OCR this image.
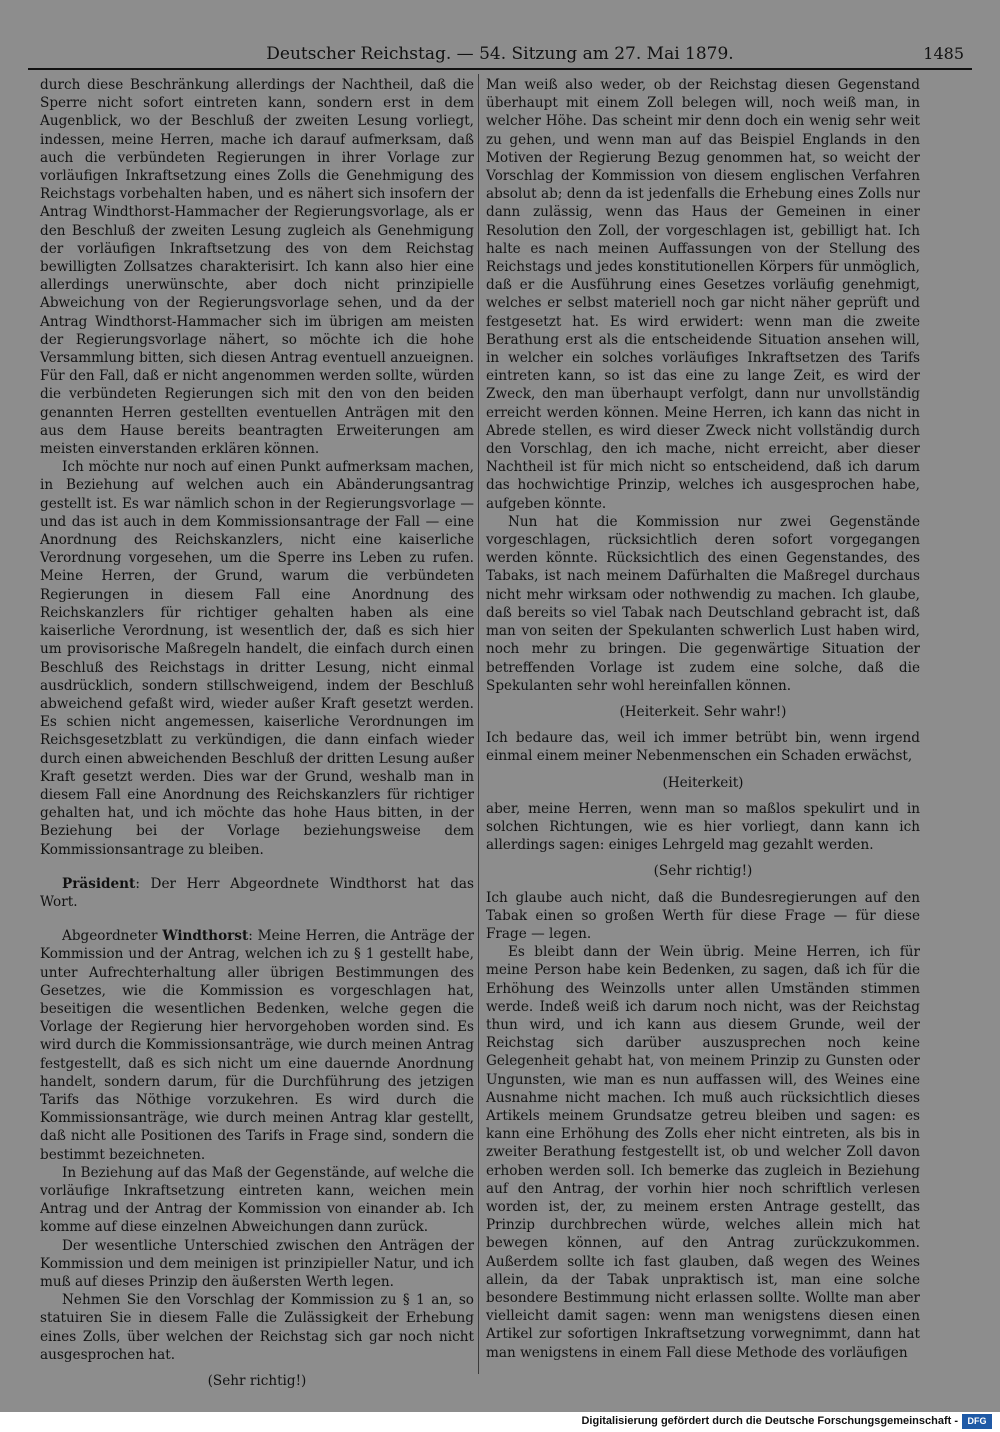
Deutscher Reichstag. — 54. Sitzung am 27. Mai 1879.	1485

durch diese Beschränkung allerdings der Nachtheil, daß die Sperre nicht sofort eintreten kann, sondern erst in dem Augenblick, wo der Beschluß der zweiten Lesung vorliegt, indessen, meine Herren, mache ich darauf aufmerksam, daß auch die verbündeten Regierungen in ihrer Vorlage zur vorläufigen Inkraftsetzung eines Zolls die Genehmigung des Reichstags vorbehalten haben, und es nähert sich insofern der Antrag Windthorst-Hammacher der Regierungsvorlage, als er den Beschluß der zweiten Lesung zugleich als Genehmigung der vorläufigen Inkraftsetzung des von dem Reichstag bewilligten Zollsatzes charakterisirt. Ich kann also hier eine allerdings unerwünschte, aber doch nicht prinzipielle Abweichung von der Regierungsvorlage sehen, und da der Antrag Windthorst-Hammacher sich im übrigen am meisten der Regierungsvorlage nähert, so möchte ich die hohe Versammlung bitten, sich diesen Antrag eventuell anzueignen. Für den Fall, daß er nicht angenommen werden sollte, würden die verbündeten Regierungen sich mit den von den beiden genannten Herren gestellten eventuellen Anträgen mit den aus dem Hause bereits beantragten Erweiterungen am meisten einverstanden erklären können.

Ich möchte nur noch auf einen Punkt aufmerksam machen, in Beziehung auf welchen auch ein Abänderungsantrag gestellt ist. Es war nämlich schon in der Regierungsvorlage — und das ist auch in dem Kommissionsantrage der Fall — eine Anordnung des Reichskanzlers, nicht eine kaiserliche Verordnung vorgesehen, um die Sperre ins Leben zu rufen. Meine Herren, der Grund, warum die verbündeten Regierungen in diesem Fall eine Anordnung des Reichskanzlers für richtiger gehalten haben als eine kaiserliche Verordnung, ist wesentlich der, daß es sich hier um provisorische Maßregeln handelt, die einfach durch einen Beschluß des Reichstags in dritter Lesung, nicht einmal ausdrücklich, sondern stillschweigend, indem der Beschluß abweichend gefaßt wird, wieder außer Kraft gesetzt werden. Es schien nicht angemessen, kaiserliche Verordnungen im Reichsgesetzblatt zu verkündigen, die dann einfach wieder durch einen abweichenden Beschluß der dritten Lesung außer Kraft gesetzt werden. Dies war der Grund, weshalb man in diesem Fall eine Anordnung des Reichskanzlers für richtiger gehalten hat, und ich möchte das hohe Haus bitten, in der Beziehung bei der Vorlage beziehungsweise dem Kommissionsantrage zu bleiben.

Präsident: Der Herr Abgeordnete Windthorst hat das Wort.

Abgeordneter Windthorst: Meine Herren, die Anträge der Kommission und der Antrag, welchen ich zu § 1 gestellt habe, unter Aufrechterhaltung aller übrigen Bestimmungen des Gesetzes, wie die Kommission es vorgeschlagen hat, beseitigen die wesentlichen Bedenken, welche gegen die Vorlage der Regierung hier hervorgehoben worden sind. Es wird durch die Kommissionsanträge, wie durch meinen Antrag festgestellt, daß es sich nicht um eine dauernde Anordnung handelt, sondern darum, für die Durchführung des jetzigen Tarifs das Nöthige vorzukehren. Es wird durch die Kommissionsanträge, wie durch meinen Antrag klar gestellt, daß nicht alle Positionen des Tarifs in Frage sind, sondern die bestimmt bezeichneten.

In Beziehung auf das Maß der Gegenstände, auf welche die vorläufige Inkraftsetzung eintreten kann, weichen mein Antrag und der Antrag der Kommission von einander ab. Ich komme auf diese einzelnen Abweichungen dann zurück.

Der wesentliche Unterschied zwischen den Anträgen der Kommission und dem meinigen ist prinzipieller Natur, und ich muß auf dieses Prinzip den äußersten Werth legen.

Nehmen Sie den Vorschlag der Kommission zu § 1 an, so statuiren Sie in diesem Falle die Zulässigkeit der Erhebung eines Zolls, über welchen der Reichstag sich gar noch nicht ausgesprochen hat.

(Sehr richtig!)

Man weiß also weder, ob der Reichstag diesen Gegenstand überhaupt mit einem Zoll belegen will, noch weiß man, in welcher Höhe. Das scheint mir denn doch ein wenig sehr weit zu gehen, und wenn man auf das Beispiel Englands in den Motiven der Regierung Bezug genommen hat, so weicht der Vorschlag der Kommission von diesem englischen Verfahren absolut ab; denn da ist jedenfalls die Erhebung eines Zolls nur dann zulässig, wenn das Haus der Gemeinen in einer Resolution den Zoll, der vorgeschlagen ist, gebilligt hat. Ich halte es nach meinen Auffassungen von der Stellung des Reichstags und jedes konstitutionellen Körpers für unmöglich, daß er die Ausführung eines Gesetzes vorläufig genehmigt, welches er selbst materiell noch gar nicht näher geprüft und festgesetzt hat. Es wird erwidert: wenn man die zweite Berathung erst als die entscheidende Situation ansehen will, in welcher ein solches vorläufiges Inkraftsetzen des Tarifs eintreten kann, so ist das eine zu lange Zeit, es wird der Zweck, den man überhaupt verfolgt, dann nur unvollständig erreicht werden können. Meine Herren, ich kann das nicht in Abrede stellen, es wird dieser Zweck nicht vollständig durch den Vorschlag, den ich mache, nicht erreicht, aber dieser Nachtheil ist für mich nicht so entscheidend, daß ich darum das hochwichtige Prinzip, welches ich ausgesprochen habe, aufgeben könnte.

Nun hat die Kommission nur zwei Gegenstände vorgeschlagen, rücksichtlich deren sofort vorgegangen werden könnte. Rücksichtlich des einen Gegenstandes, des Tabaks, ist nach meinem Dafürhalten die Maßregel durchaus nicht mehr wirksam oder nothwendig zu machen. Ich glaube, daß bereits so viel Tabak nach Deutschland gebracht ist, daß man von seiten der Spekulanten schwerlich Lust haben wird, noch mehr zu bringen. Die gegenwärtige Situation der betreffenden Vorlage ist zudem eine solche, daß die Spekulanten sehr wohl hereinfallen können.

(Heiterkeit. Sehr wahr!)

Ich bedaure das, weil ich immer betrübt bin, wenn irgend einmal einem meiner Nebenmenschen ein Schaden erwächst,

(Heiterkeit)

aber, meine Herren, wenn man so maßlos spekulirt und in solchen Richtungen, wie es hier vorliegt, dann kann ich allerdings sagen: einiges Lehrgeld mag gezahlt werden.

(Sehr richtig!)

Ich glaube auch nicht, daß die Bundesregierungen auf den Tabak einen so großen Werth für diese Frage — für diese Frage — legen.

Es bleibt dann der Wein übrig. Meine Herren, ich für meine Person habe kein Bedenken, zu sagen, daß ich für die Erhöhung des Weinzolls unter allen Umständen stimmen werde. Indeß weiß ich darum noch nicht, was der Reichstag thun wird, und ich kann aus diesem Grunde, weil der Reichstag sich darüber auszusprechen noch keine Gelegenheit gehabt hat, von meinem Prinzip zu Gunsten oder Ungunsten, wie man es nun auffassen will, des Weines eine Ausnahme nicht machen. Ich muß auch rücksichtlich dieses Artikels meinem Grundsatze getreu bleiben und sagen: es kann eine Erhöhung des Zolls eher nicht eintreten, als bis in zweiter Berathung festgestellt ist, ob und welcher Zoll davon erhoben werden soll. Ich bemerke das zugleich in Beziehung auf den Antrag, der vorhin hier noch schriftlich verlesen worden ist, der, zu meinem ersten Antrage gestellt, das Prinzip durchbrechen würde, welches allein mich hat bewegen können, auf den Antrag zurückzukommen. Außerdem sollte ich fast glauben, daß wegen des Weines allein, da der Tabak unpraktisch ist, man eine solche besondere Bestimmung nicht erlassen sollte. Wollte man aber vielleicht damit sagen: wenn man wenigstens diesen einen Artikel zur sofortigen Inkraftsetzung vorwegnimmt, dann hat man wenigstens in einem Fall diese Methode des vorläufigen

Digitalisierung gefördert durch die Deutsche Forschungsgemeinschaft -	DFG
